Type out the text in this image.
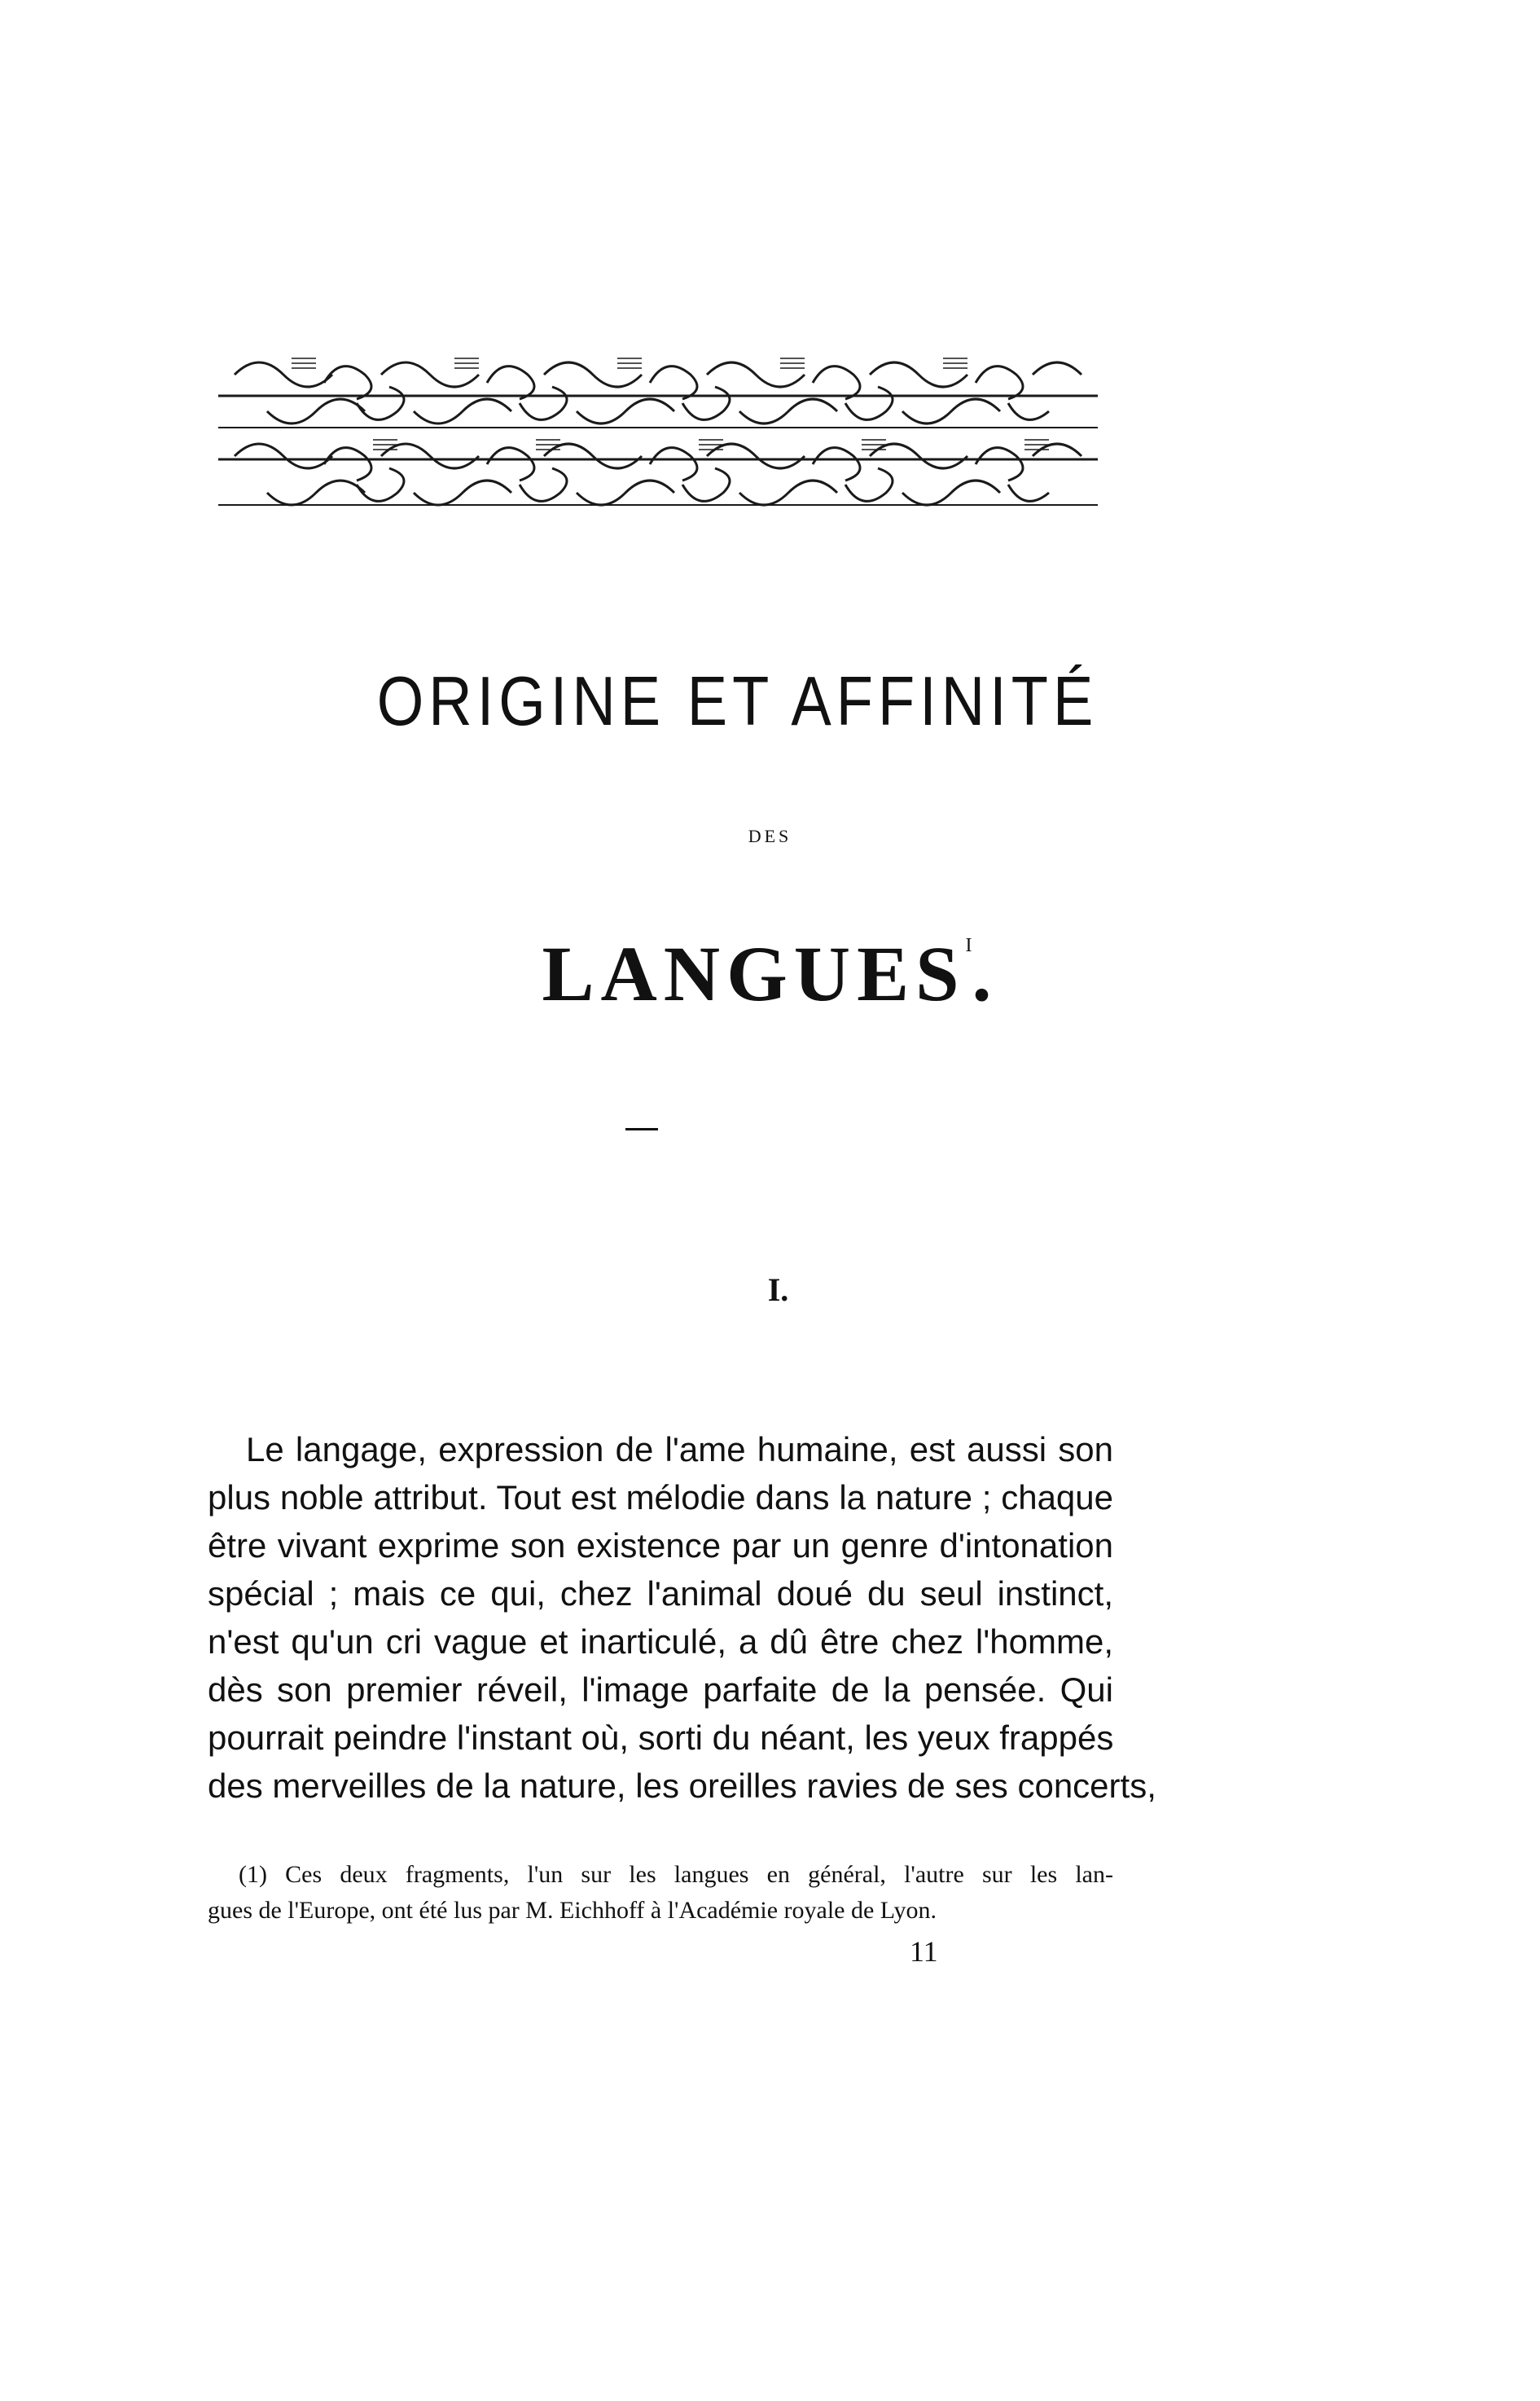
ORIGINE ET AFFINITÉ

DES

$LANGUES^I$.

I.

Le langage, expression de l'ame humaine, est aussi son
plus noble attribut. Tout est mélodie dans la nature ; chaque
être vivant exprime son existence par un genre d'intonation
spécial ; mais ce qui, chez l'animal doué du seul instinct,
n'est qu'un cri vague et inarticulé, a dû être chez l'homme,
dès son premier réveil, l'image parfaite de la pensée. Qui
pourrait peindre l'instant où, sorti du néant, les yeux frappés
des merveilles de la nature, les oreilles ravies de ses concerts,
(1) Ces deux fragments, l'un sur les langues en général, l'autre sur les lan-
gues de l'Europe, ont été lus par M. Eichhoff à l'Académie royale de Lyon.

11
